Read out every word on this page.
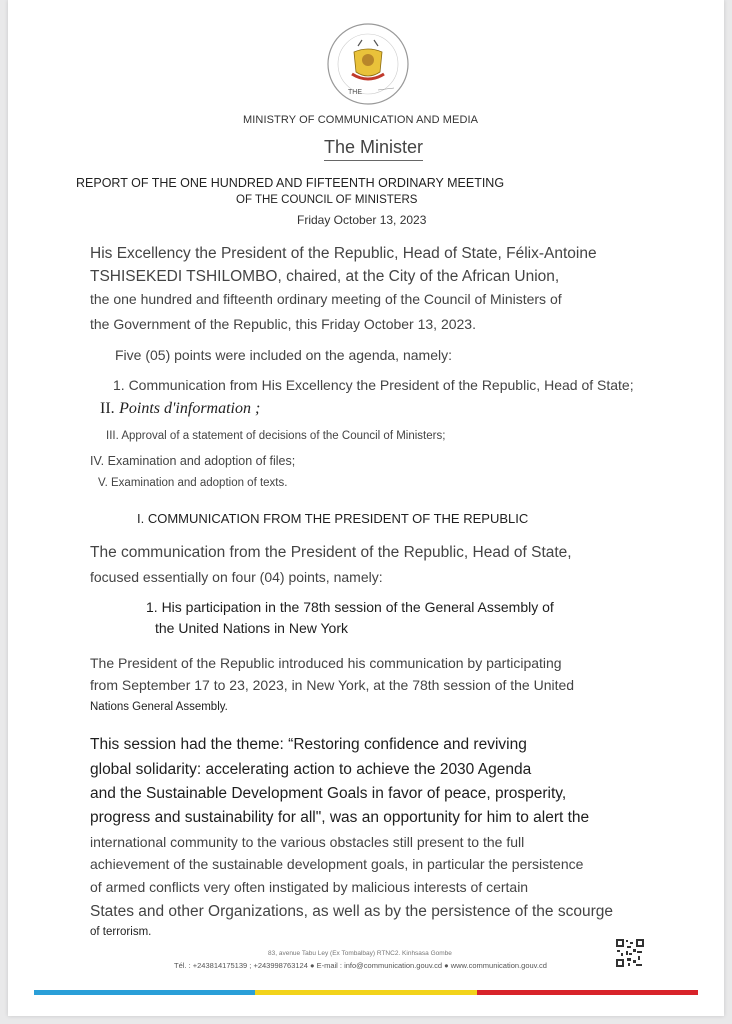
THE
MINISTRY OF COMMUNICATION AND MEDIA
The Minister
REPORT OF THE ONE HUNDRED AND FIFTEENTH ORDINARY MEETING
OF THE COUNCIL OF MINISTERS
Friday October 13, 2023
His Excellency the President of the Republic, Head of State, Félix-Antoine
TSHISEKEDI TSHILOMBO, chaired, at the City of the African Union,
the one hundred and fifteenth ordinary meeting of the Council of Ministers of
the Government of the Republic, this Friday October 13, 2023.
Five (05) points were included on the agenda, namely:
1. Communication from His Excellency the President of the Republic, Head of State;
II. Points d'information ;
III. Approval of a statement of decisions of the Council of Ministers;
IV. Examination and adoption of files;
V. Examination and adoption of texts.
I. COMMUNICATION FROM THE PRESIDENT OF THE REPUBLIC
The communication from the President of the Republic, Head of State,
focused essentially on four (04) points, namely:
1. His participation in the 78th session of the General Assembly of
the United Nations in New York
The President of the Republic introduced his communication by participating
from September 17 to 23, 2023, in New York, at the 78th session of the United
Nations General Assembly.
This session had the theme: “Restoring confidence and reviving
global solidarity: accelerating action to achieve the 2030 Agenda
and the Sustainable Development Goals in favor of peace, prosperity,
progress and sustainability for all", was an opportunity for him to alert the
international community to the various obstacles still present to the full
achievement of the sustainable development goals, in particular the persistence
of armed conflicts very often instigated by malicious interests of certain
States and other Organizations, as well as by the persistence of the scourge
of terrorism.
83, avenue Tabu Ley (Ex Tombalbay) RTNC2. Kinhsasa Gombe
Tél. : +243814175139 ; +243998763124 ● E-mail : info@communication.gouv.cd ● www.communication.gouv.cd
